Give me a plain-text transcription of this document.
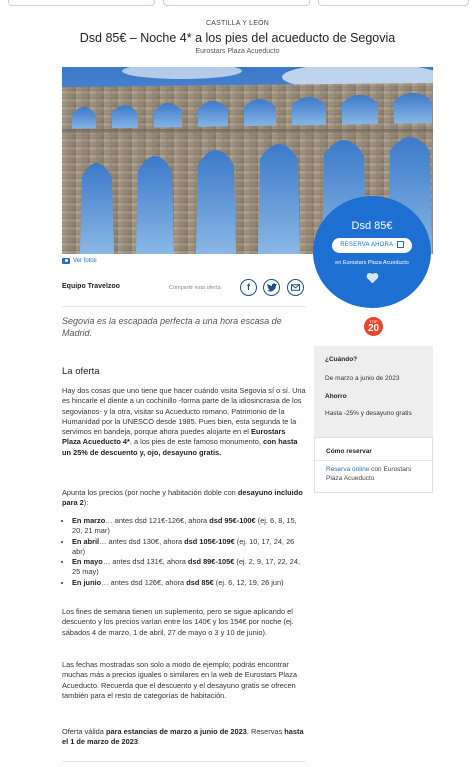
CASTILLA Y LEÓN
Dsd 85€ – Noche 4* a los pies del acueducto de Segovia
Eurostars Plaza Acueducto
Ver fotos
Dsd 85€
RESERVA AHORA
en Eurostars Plaza Acueducto
Equipo Travelzoo	Compartir esta oferta	f
Segovia es la escapada perfecta a una hora escasa de Madrid.
TOP
20
La oferta
Hay dos cosas que uno tiene que hacer cuándo visita Segovia sí o sí. Una es hincarle el diente a un cochinillo -forma parte de la idiosincrasia de los segovianos- y la otra, visitar su Acueducto romano, Patrimonio de la Humanidad por la UNESCO desde 1985. Pues bien, esta segunda te la servimos en bandeja, porque ahora puedes alojarte en el Eurostars Plaza Acueducto 4*, a los pies de este famoso monumento, con hasta un 25% de descuento y, ojo, desayuno gratis.
Apunta los precios (por noche y habitación doble con desayuno incluido para 2):
• En marzo… antes dsd 121€-126€, ahora dsd 95€-100€ (ej. 6, 8, 15, 20, 21 mar)
• En abril… antes dsd 130€, ahora dsd 105€-109€ (ej. 10, 17, 24, 26 abr)
• En mayo… antes dsd 131€, ahora dsd 89€-105€ (ej. 2, 9, 17, 22, 24, 25 may)
• En junio… antes dsd 126€, ahora dsd 85€ (ej. 6, 12, 19, 26 jun)
Los fines de semana tienen un suplemento, pero se sigue aplicando el descuento y los precios varían entre los 140€ y los 154€ por noche (ej. sábados 4 de marzo, 1 de abril, 27 de mayo o 3 y 10 de junio).
Las fechas mostradas son solo a modo de ejemplo; podrás encontrar muchas más a precios iguales o similares en la web de Eurostars Plaza Acueducto. Recuerda que el descuento y el desayuno gratis se ofrecen también para el resto de categorías de habitación.
Oferta válida para estancias de marzo a junio de 2023. Reservas hasta el 1 de marzo de 2023.
¿Cuándo?
De marzo a junio de 2023
Ahorro
Hasta -25% y desayuno gratis
Cómo reservar
Reserva online con Eurostars Plaza Acueducto
